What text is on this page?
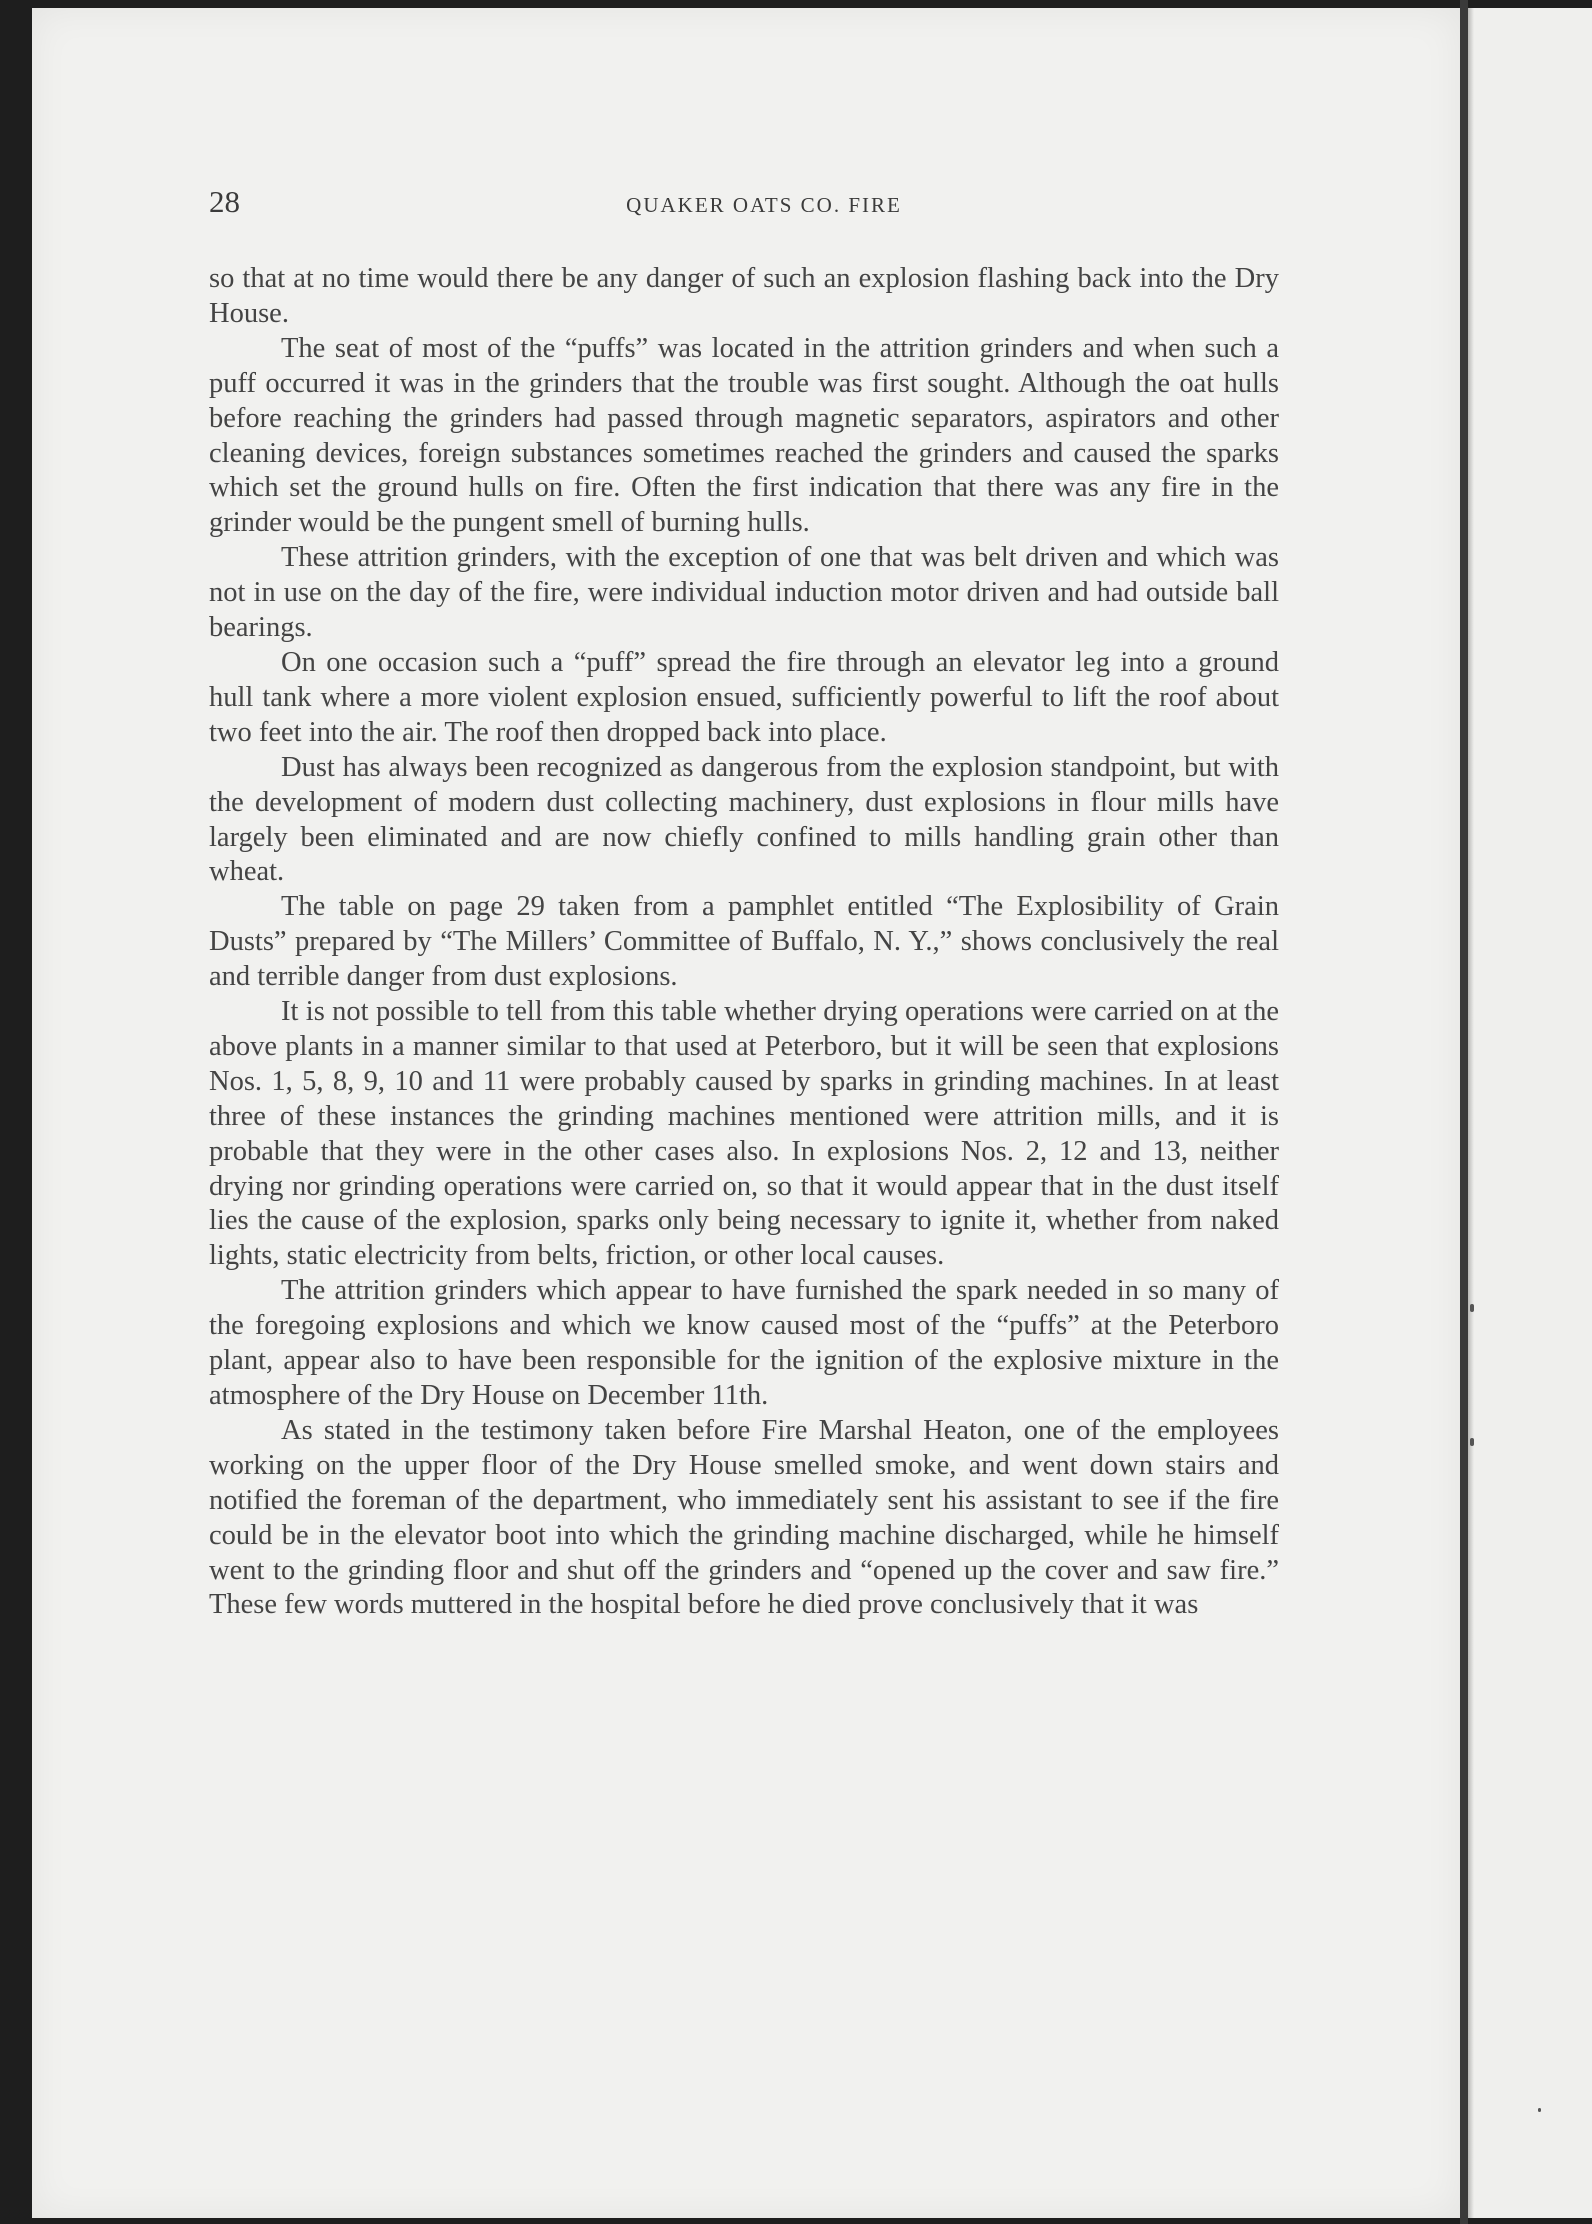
28	QUAKER OATS CO. FIRE

so that at no time would there be any danger of such an explosion flashing back into the Dry House.

The seat of most of the “puffs” was located in the attrition grinders and when such a puff occurred it was in the grinders that the trouble was first sought. Although the oat hulls before reaching the grinders had passed through magnetic separators, aspirators and other cleaning devices, foreign substances sometimes reached the grinders and caused the sparks which set the ground hulls on fire. Often the first indication that there was any fire in the grinder would be the pungent smell of burning hulls.

These attrition grinders, with the exception of one that was belt driven and which was not in use on the day of the fire, were individual induction motor driven and had outside ball bearings.

On one occasion such a “puff” spread the fire through an elevator leg into a ground hull tank where a more violent explosion ensued, sufficiently powerful to lift the roof about two feet into the air. The roof then dropped back into place.

Dust has always been recognized as dangerous from the explosion standpoint, but with the development of modern dust collecting machinery, dust explosions in flour mills have largely been eliminated and are now chiefly confined to mills handling grain other than wheat.

The table on page 29 taken from a pamphlet entitled “The Explosibility of Grain Dusts” prepared by “The Millers’ Committee of Buffalo, N. Y.,” shows conclusively the real and terrible danger from dust explosions.

It is not possible to tell from this table whether drying operations were carried on at the above plants in a manner similar to that used at Peterboro, but it will be seen that explosions Nos. 1, 5, 8, 9, 10 and 11 were probably caused by sparks in grinding machines. In at least three of these instances the grinding machines mentioned were attrition mills, and it is probable that they were in the other cases also. In explosions Nos. 2, 12 and 13, neither drying nor grinding operations were carried on, so that it would appear that in the dust itself lies the cause of the explosion, sparks only being necessary to ignite it, whether from naked lights, static electricity from belts, friction, or other local causes.

The attrition grinders which appear to have furnished the spark needed in so many of the foregoing explosions and which we know caused most of the “puffs” at the Peterboro plant, appear also to have been responsible for the ignition of the explosive mixture in the atmosphere of the Dry House on December 11th.

As stated in the testimony taken before Fire Marshal Heaton, one of the employees working on the upper floor of the Dry House smelled smoke, and went down stairs and notified the foreman of the department, who immediately sent his assistant to see if the fire could be in the elevator boot into which the grinding machine discharged, while he himself went to the grinding floor and shut off the grinders and “opened up the cover and saw fire.” These few words muttered in the hospital before he died prove conclusively that it was
